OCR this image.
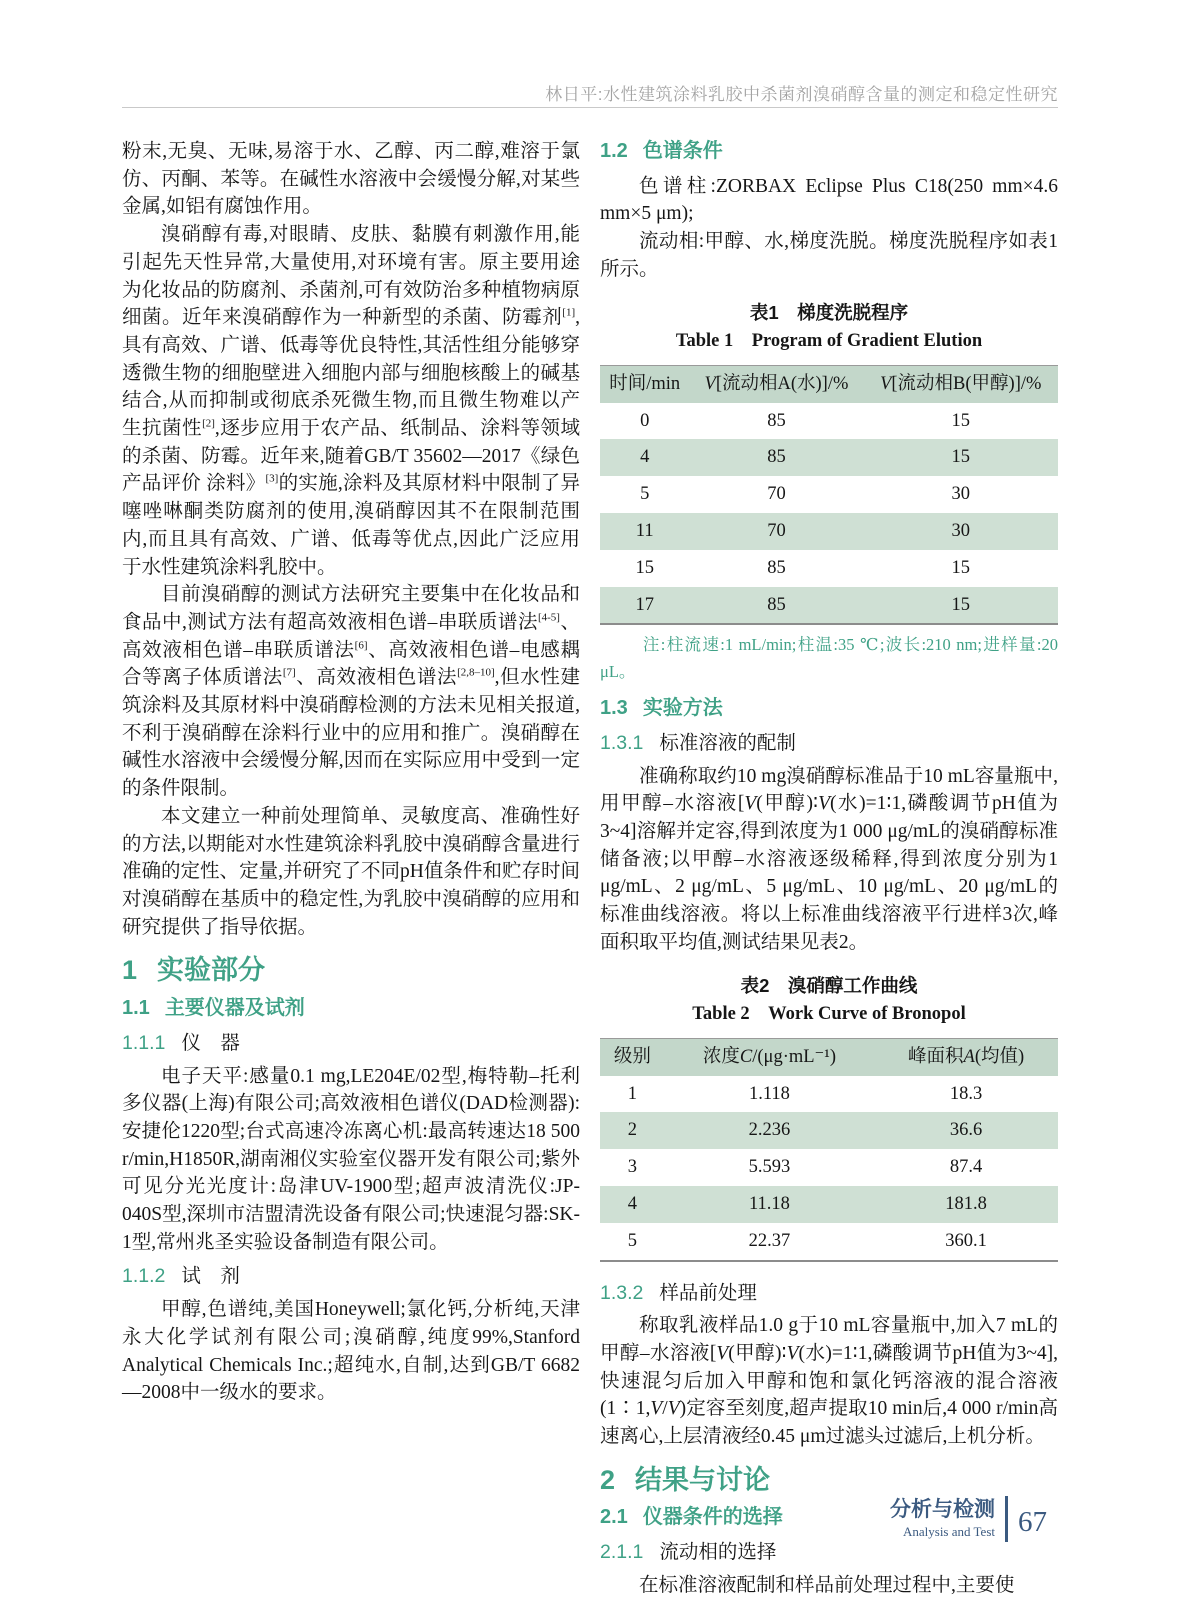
林日平:水性建筑涂料乳胶中杀菌剂溴硝醇含量的测定和稳定性研究

粉末,无臭、无味,易溶于水、乙醇、丙二醇,难溶于氯仿、丙酮、苯等。在碱性水溶液中会缓慢分解,对某些金属,如铝有腐蚀作用。

溴硝醇有毒,对眼睛、皮肤、黏膜有刺激作用,能引起先天性异常,大量使用,对环境有害。原主要用途为化妆品的防腐剂、杀菌剂,可有效防治多种植物病原细菌。近年来溴硝醇作为一种新型的杀菌、防霉剂[1],具有高效、广谱、低毒等优良特性,其活性组分能够穿透微生物的细胞壁进入细胞内部与细胞核酸上的碱基结合,从而抑制或彻底杀死微生物,而且微生物难以产生抗菌性[2],逐步应用于农产品、纸制品、涂料等领域的杀菌、防霉。近年来,随着GB/T 35602—2017《绿色产品评价 涂料》[3]的实施,涂料及其原材料中限制了异噻唑啉酮类防腐剂的使用,溴硝醇因其不在限制范围内,而且具有高效、广谱、低毒等优点,因此广泛应用于水性建筑涂料乳胶中。

目前溴硝醇的测试方法研究主要集中在化妆品和食品中,测试方法有超高效液相色谱–串联质谱法[4-5]、高效液相色谱–串联质谱法[6]、高效液相色谱–电感耦合等离子体质谱法[7]、高效液相色谱法[2,8–10],但水性建筑涂料及其原材料中溴硝醇检测的方法未见相关报道,不利于溴硝醇在涂料行业中的应用和推广。溴硝醇在碱性水溶液中会缓慢分解,因而在实际应用中受到一定的条件限制。

本文建立一种前处理简单、灵敏度高、准确性好的方法,以期能对水性建筑涂料乳胶中溴硝醇含量进行准确的定性、定量,并研究了不同pH值条件和贮存时间对溴硝醇在基质中的稳定性,为乳胶中溴硝醇的应用和研究提供了指导依据。

1 实验部分
1.1 主要仪器及试剂
1.1.1 仪　器

电子天平:感量0.1 mg,LE204E/02型,梅特勒–托利多仪器(上海)有限公司;高效液相色谱仪(DAD检测器):安捷伦1220型;台式高速冷冻离心机:最高转速达18 500 r/min,H1850R,湖南湘仪实验室仪器开发有限公司;紫外可见分光光度计:岛津UV-1900型;超声波清洗仪:JP-040S型,深圳市洁盟清洗设备有限公司;快速混匀器:SK-1型,常州兆圣实验设备制造有限公司。

1.1.2 试　剂

甲醇,色谱纯,美国Honeywell;氯化钙,分析纯,天津永大化学试剂有限公司;溴硝醇,纯度99%,Stanford Analytical Chemicals Inc.;超纯水,自制,达到GB/T 6682—2008中一级水的要求。

1.2 色谱条件

色谱柱:ZORBAX Eclipse Plus C18(250 mm×4.6 mm×5 μm);

流动相:甲醇、水,梯度洗脱。梯度洗脱程序如表1所示。

表1　梯度洗脱程序
Table 1　Program of Gradient Elution
时间/min	V[流动相A(水)]/%	V[流动相B(甲醇)]/%
0	85	15
4	85	15
5	70	30
11	70	30
15	85	15
17	85	15
注:柱流速:1 mL/min;柱温:35 ℃;波长:210 nm;进样量:20 μL。
1.3 实验方法
1.3.1 标准溶液的配制

准确称取约10 mg溴硝醇标准品于10 mL容量瓶中,用甲醇–水溶液[V(甲醇)∶V(水)=1∶1,磷酸调节pH值为3~4]溶解并定容,得到浓度为1 000 μg/mL的溴硝醇标准储备液;以甲醇–水溶液逐级稀释,得到浓度分别为1 μg/mL、2 μg/mL、5 μg/mL、10 μg/mL、20 μg/mL的标准曲线溶液。将以上标准曲线溶液平行进样3次,峰面积取平均值,测试结果见表2。

表2　溴硝醇工作曲线
Table 2　Work Curve of Bronopol
级别	浓度C/(μg·mL⁻¹)	峰面积A(均值)
1	1.118	18.3
2	2.236	36.6
3	5.593	87.4
4	11.18	181.8
5	22.37	360.1
1.3.2 样品前处理

称取乳液样品1.0 g于10 mL容量瓶中,加入7 mL的甲醇–水溶液[V(甲醇)∶V(水)=1∶1,磷酸调节pH值为3~4],快速混匀后加入甲醇和饱和氯化钙溶液的混合溶液(1∶1,V/V)定容至刻度,超声提取10 min后,4 000 r/min高速离心,上层清液经0.45 μm过滤头过滤后,上机分析。

2 结果与讨论
2.1 仪器条件的选择
2.1.1 流动相的选择

在标准溶液配制和样品前处理过程中,主要使

分析与检测
Analysis and Test 67
